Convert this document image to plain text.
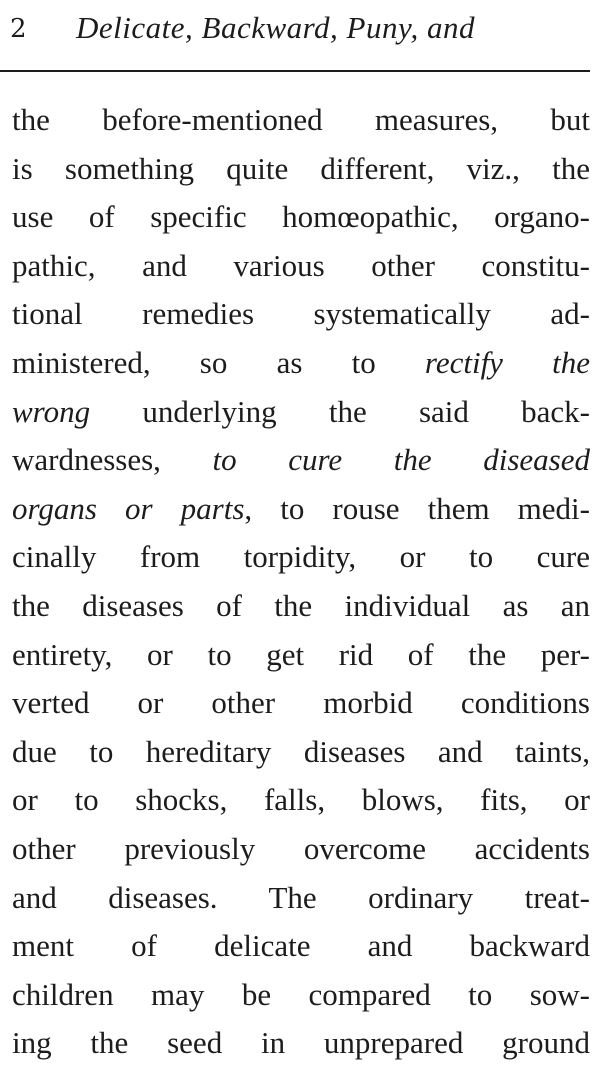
2 Delicate, Backward, Puny, and
the before-mentioned measures, but
is something quite different, viz., the
use of specific homœopathic, organo-
pathic, and various other constitu-
tional remedies systematically ad-
ministered, so as to rectify the
wrong underlying the said back-
wardnesses, to cure the diseased
organs or parts, to rouse them medi-
cinally from torpidity, or to cure
the diseases of the individual as an
entirety, or to get rid of the per-
verted or other morbid conditions
due to hereditary diseases and taints,
or to shocks, falls, blows, fits, or
other previously overcome accidents
and diseases. The ordinary treat-
ment of delicate and backward
children may be compared to sow-
ing the seed in unprepared ground
